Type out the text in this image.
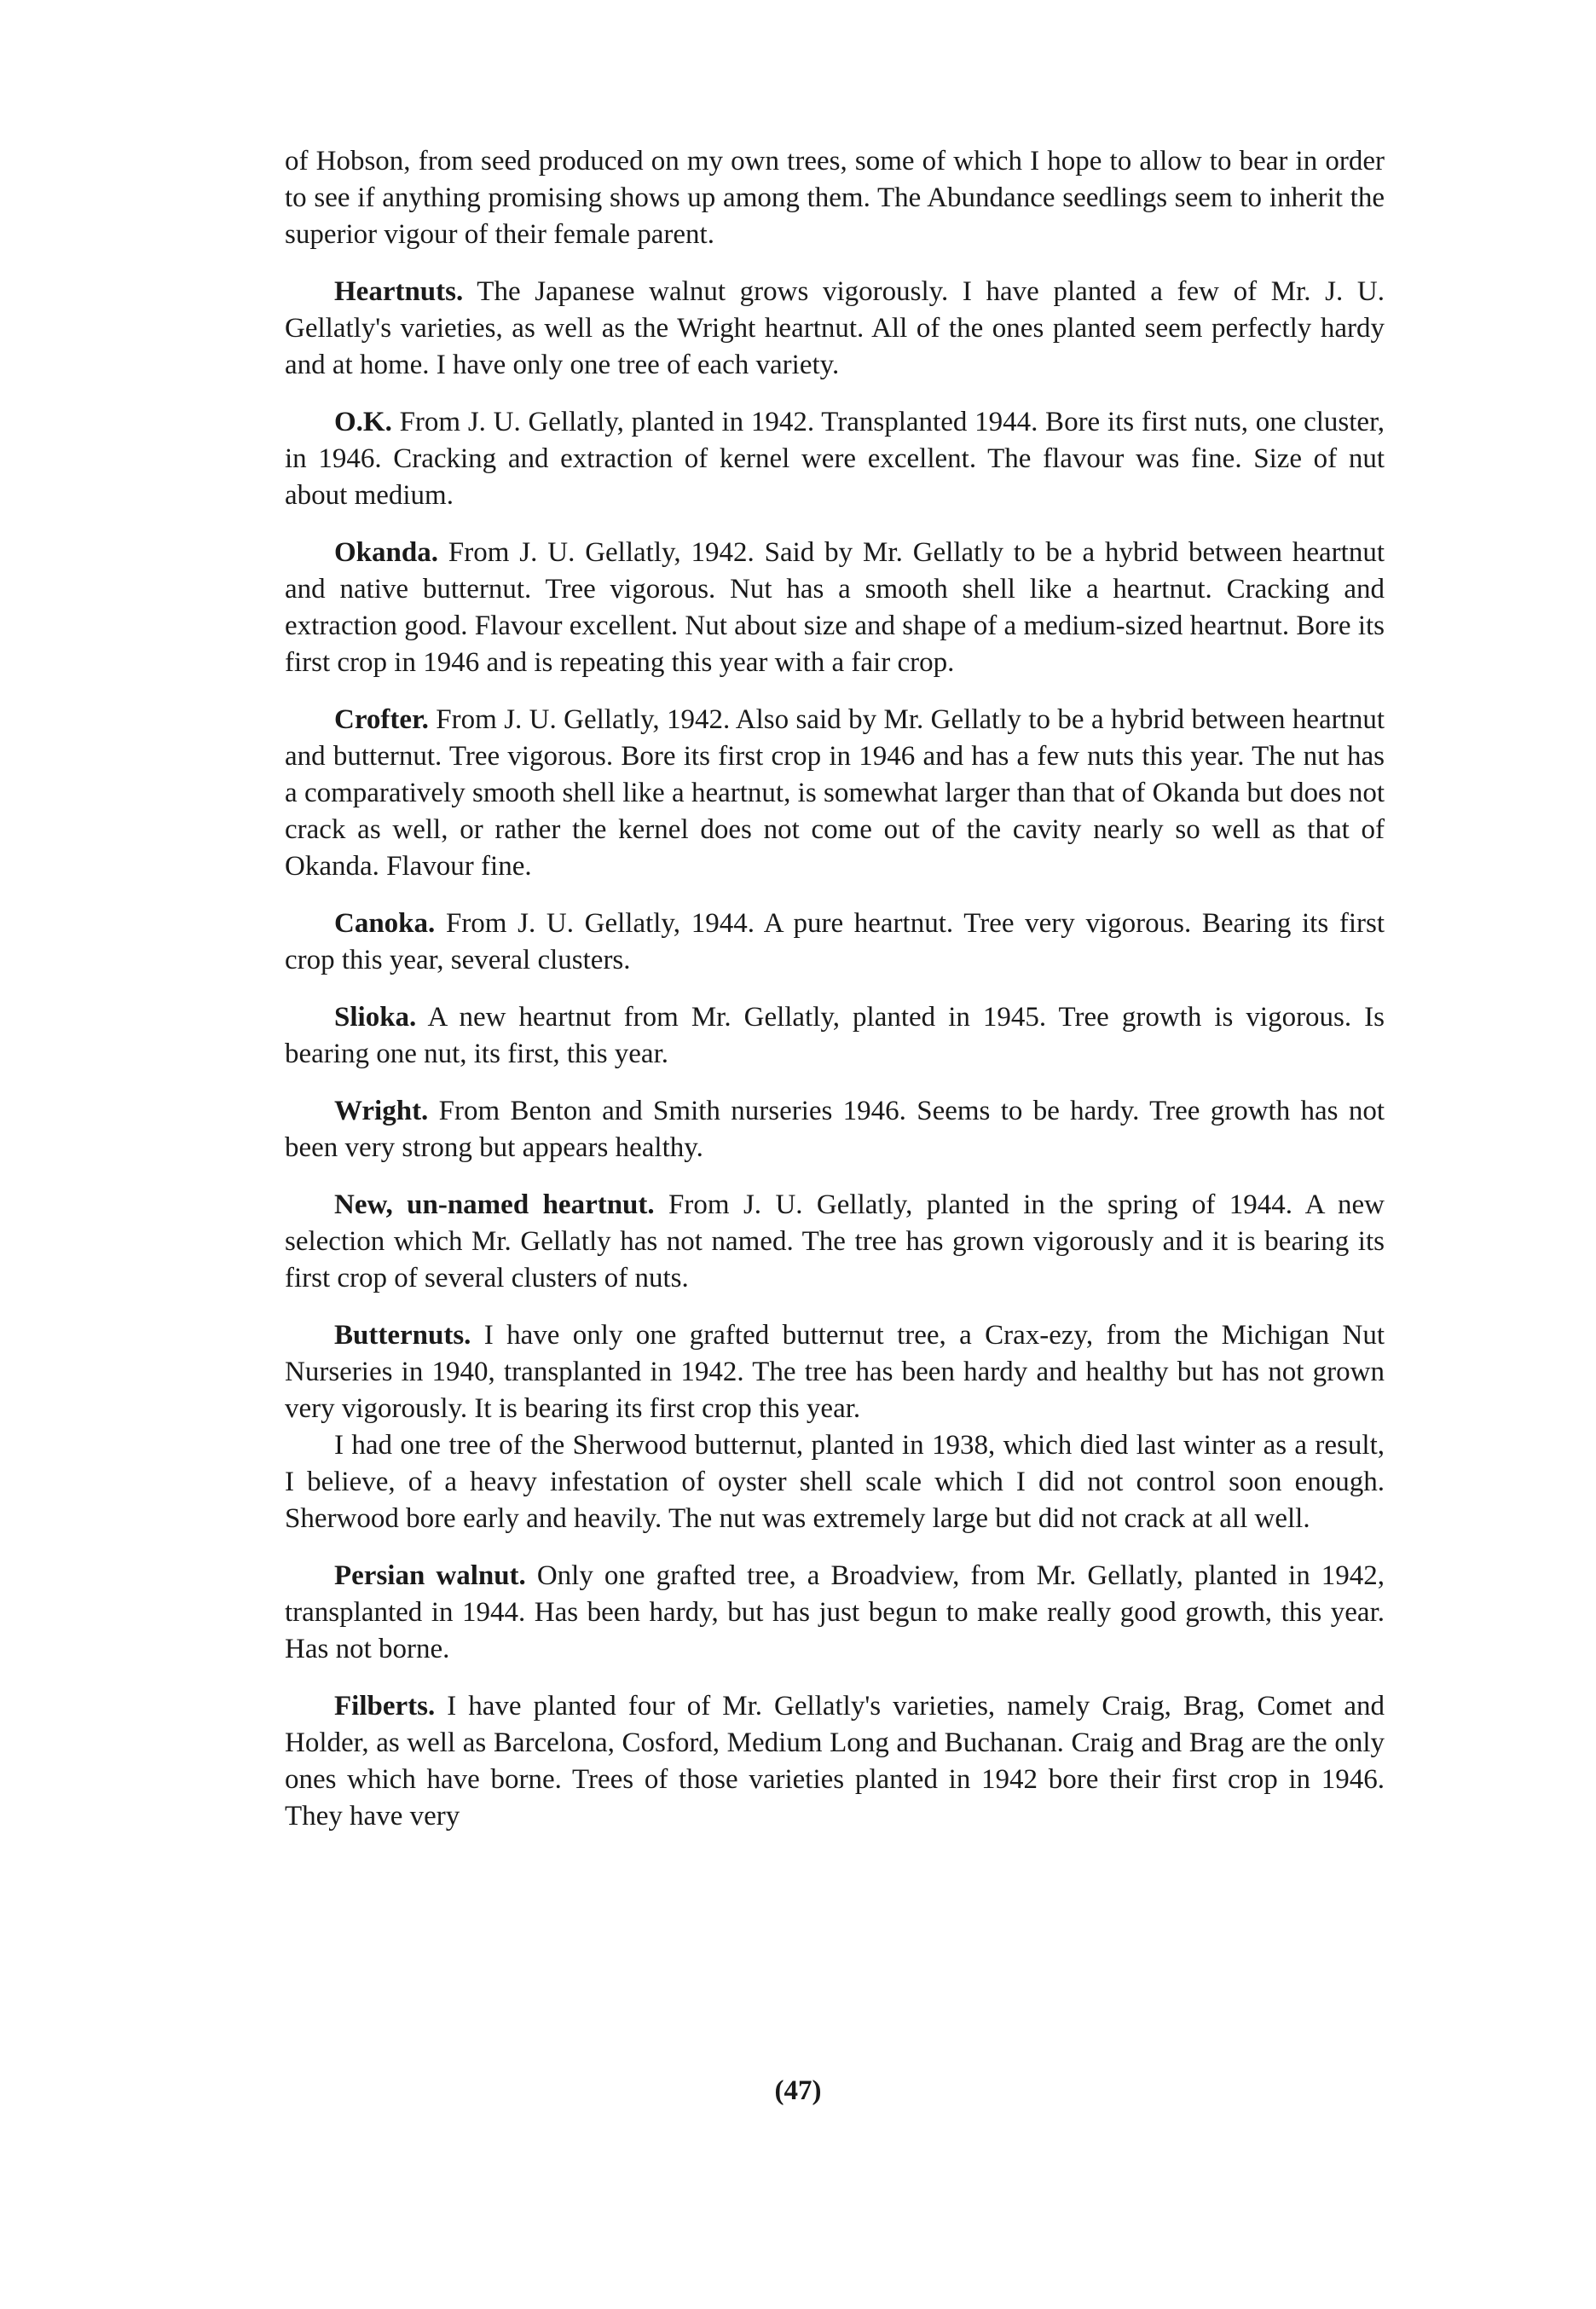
of Hobson, from seed produced on my own trees, some of which I hope to allow to bear in order to see if anything promising shows up among them. The Abundance seedlings seem to inherit the superior vigour of their female parent.

Heartnuts. The Japanese walnut grows vigorously. I have planted a few of Mr. J. U. Gellatly's varieties, as well as the Wright heartnut. All of the ones planted seem perfectly hardy and at home. I have only one tree of each variety.

O.K. From J. U. Gellatly, planted in 1942. Transplanted 1944. Bore its first nuts, one cluster, in 1946. Cracking and extraction of kernel were excellent. The flavour was fine. Size of nut about medium.

Okanda. From J. U. Gellatly, 1942. Said by Mr. Gellatly to be a hybrid between heartnut and native butternut. Tree vigorous. Nut has a smooth shell like a heartnut. Cracking and extraction good. Flavour excellent. Nut about size and shape of a medium-sized heartnut. Bore its first crop in 1946 and is repeating this year with a fair crop.

Crofter. From J. U. Gellatly, 1942. Also said by Mr. Gellatly to be a hybrid between heartnut and butternut. Tree vigorous. Bore its first crop in 1946 and has a few nuts this year. The nut has a comparatively smooth shell like a heartnut, is somewhat larger than that of Okanda but does not crack as well, or rather the kernel does not come out of the cavity nearly so well as that of Okanda. Flavour fine.

Canoka. From J. U. Gellatly, 1944. A pure heartnut. Tree very vigorous. Bearing its first crop this year, several clusters.

Slioka. A new heartnut from Mr. Gellatly, planted in 1945. Tree growth is vigorous. Is bearing one nut, its first, this year.

Wright. From Benton and Smith nurseries 1946. Seems to be hardy. Tree growth has not been very strong but appears healthy.

New, un-named heartnut. From J. U. Gellatly, planted in the spring of 1944. A new selection which Mr. Gellatly has not named. The tree has grown vigorously and it is bearing its first crop of several clusters of nuts.

Butternuts. I have only one grafted butternut tree, a Crax-ezy, from the Michigan Nut Nurseries in 1940, transplanted in 1942. The tree has been hardy and healthy but has not grown very vigorously. It is bearing its first crop this year.

I had one tree of the Sherwood butternut, planted in 1938, which died last winter as a result, I believe, of a heavy infestation of oyster shell scale which I did not control soon enough. Sherwood bore early and heavily. The nut was extremely large but did not crack at all well.

Persian walnut. Only one grafted tree, a Broadview, from Mr. Gellatly, planted in 1942, transplanted in 1944. Has been hardy, but has just begun to make really good growth, this year. Has not borne.

Filberts. I have planted four of Mr. Gellatly's varieties, namely Craig, Brag, Comet and Holder, as well as Barcelona, Cosford, Medium Long and Buchanan. Craig and Brag are the only ones which have borne. Trees of those varieties planted in 1942 bore their first crop in 1946. They have very

(47)
